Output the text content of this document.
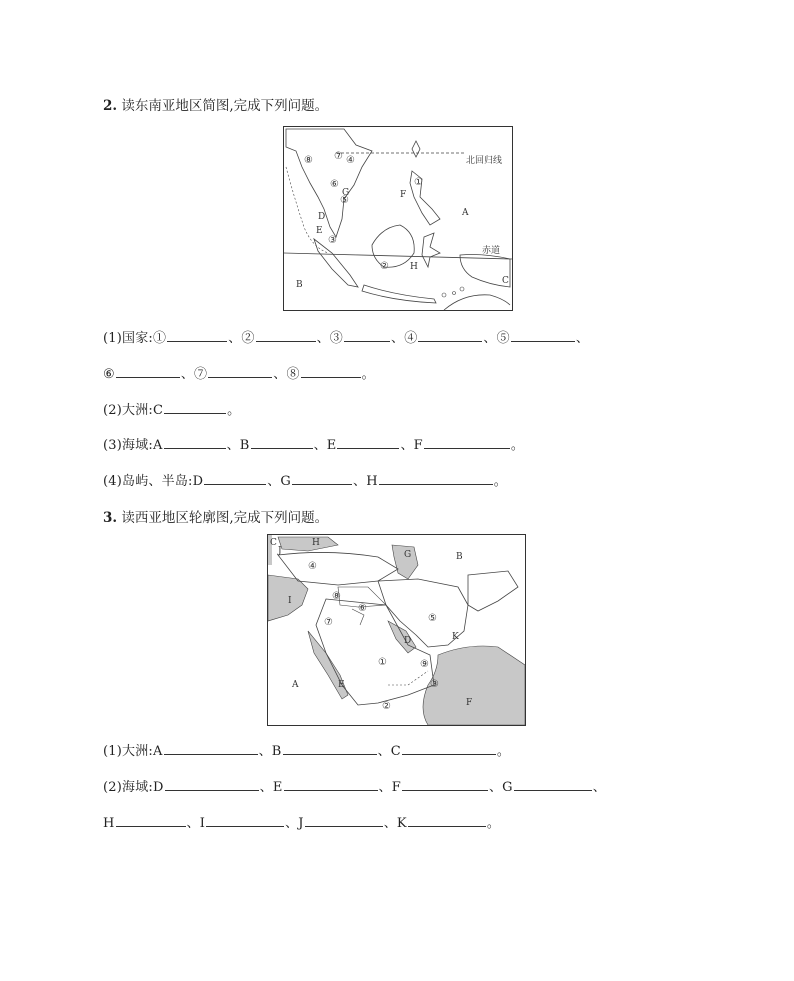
2. 读东南亚地区简图,完成下列问题。
北回归线
赤道
A
B	C
D
E
F
G
H
①
②
③
④
⑤
⑥
⑦
⑧
(1)国家:①	、②	、③	、④	、⑤	、
⑥	、⑦	、⑧	。
(2)大洲:C	。
(3)海域:A	、B	、E	、F	。
(4)岛屿、半岛:D	、G	、H	。
3. 读西亚地区轮廓图,完成下列问题。
A
B
C
D
E
F
G
H
I
J
K
①
②
③
④
⑤
⑥
⑦
⑧
⑨
(1)大洲:A	、B	、C	。
(2)海域:D	、E	、F	、G	、
H	、I	、J	、K	。
